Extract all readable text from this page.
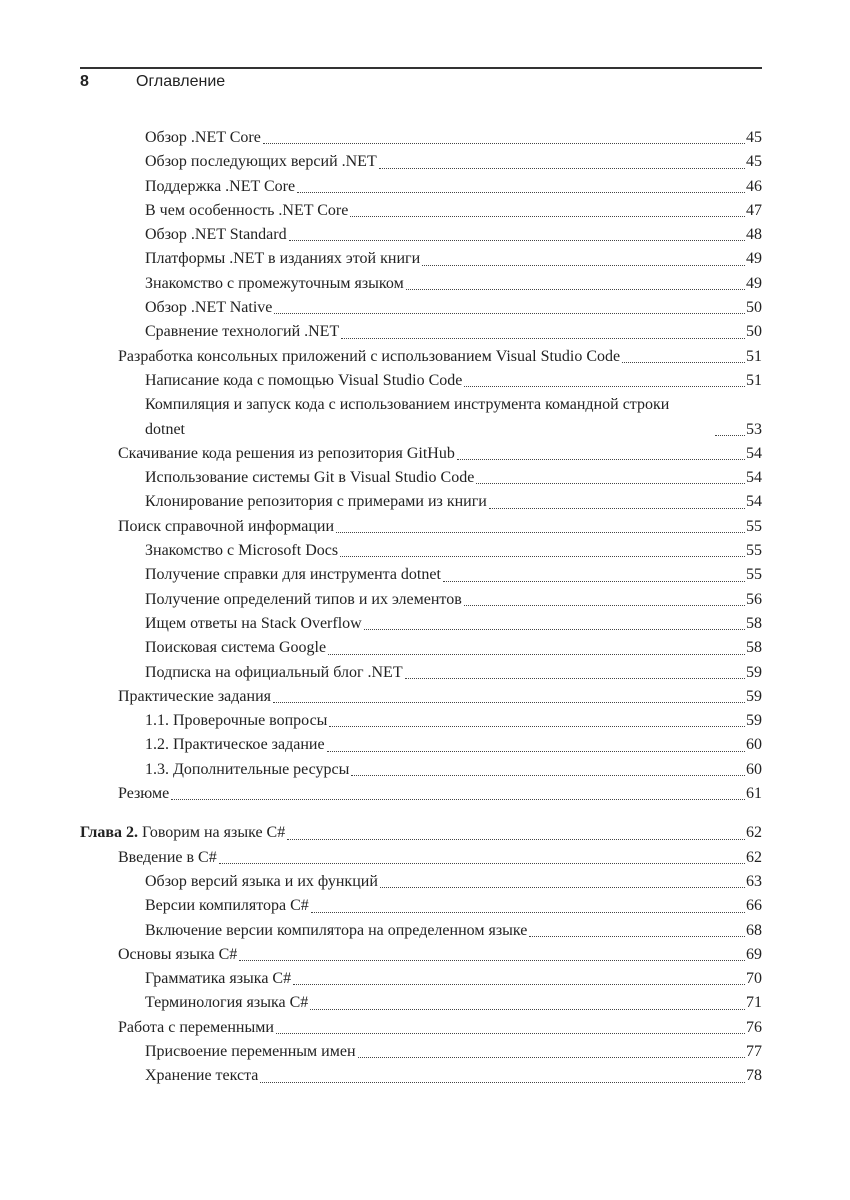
8	Оглавление
Обзор .NET Core	45
Обзор последующих версий .NET	45
Поддержка .NET Core	46
В чем особенность .NET Core	47
Обзор .NET Standard	48
Платформы .NET в изданиях этой книги	49
Знакомство с промежуточным языком	49
Обзор .NET Native	50
Сравнение технологий .NET	50
Разработка консольных приложений с использованием Visual Studio Code	51
Написание кода с помощью Visual Studio Code	51
Компиляция и запуск кода с использованием инструмента командной строки dotnet	53
Скачивание кода решения из репозитория GitHub	54
Использование системы Git в Visual Studio Code	54
Клонирование репозитория с примерами из книги	54
Поиск справочной информации	55
Знакомство с Microsoft Docs	55
Получение справки для инструмента dotnet	55
Получение определений типов и их элементов	56
Ищем ответы на Stack Overflow	58
Поисковая система Google	58
Подписка на официальный блог .NET	59
Практические задания	59
1.1. Проверочные вопросы	59
1.2. Практическое задание	60
1.3. Дополнительные ресурсы	60
Резюме	61
Глава 2. Говорим на языке C#	62
Введение в C#	62
Обзор версий языка и их функций	63
Версии компилятора C#	66
Включение версии компилятора на определенном языке	68
Основы языка C#	69
Грамматика языка C#	70
Терминология языка C#	71
Работа с переменными	76
Присвоение переменным имен	77
Хранение текста	78
